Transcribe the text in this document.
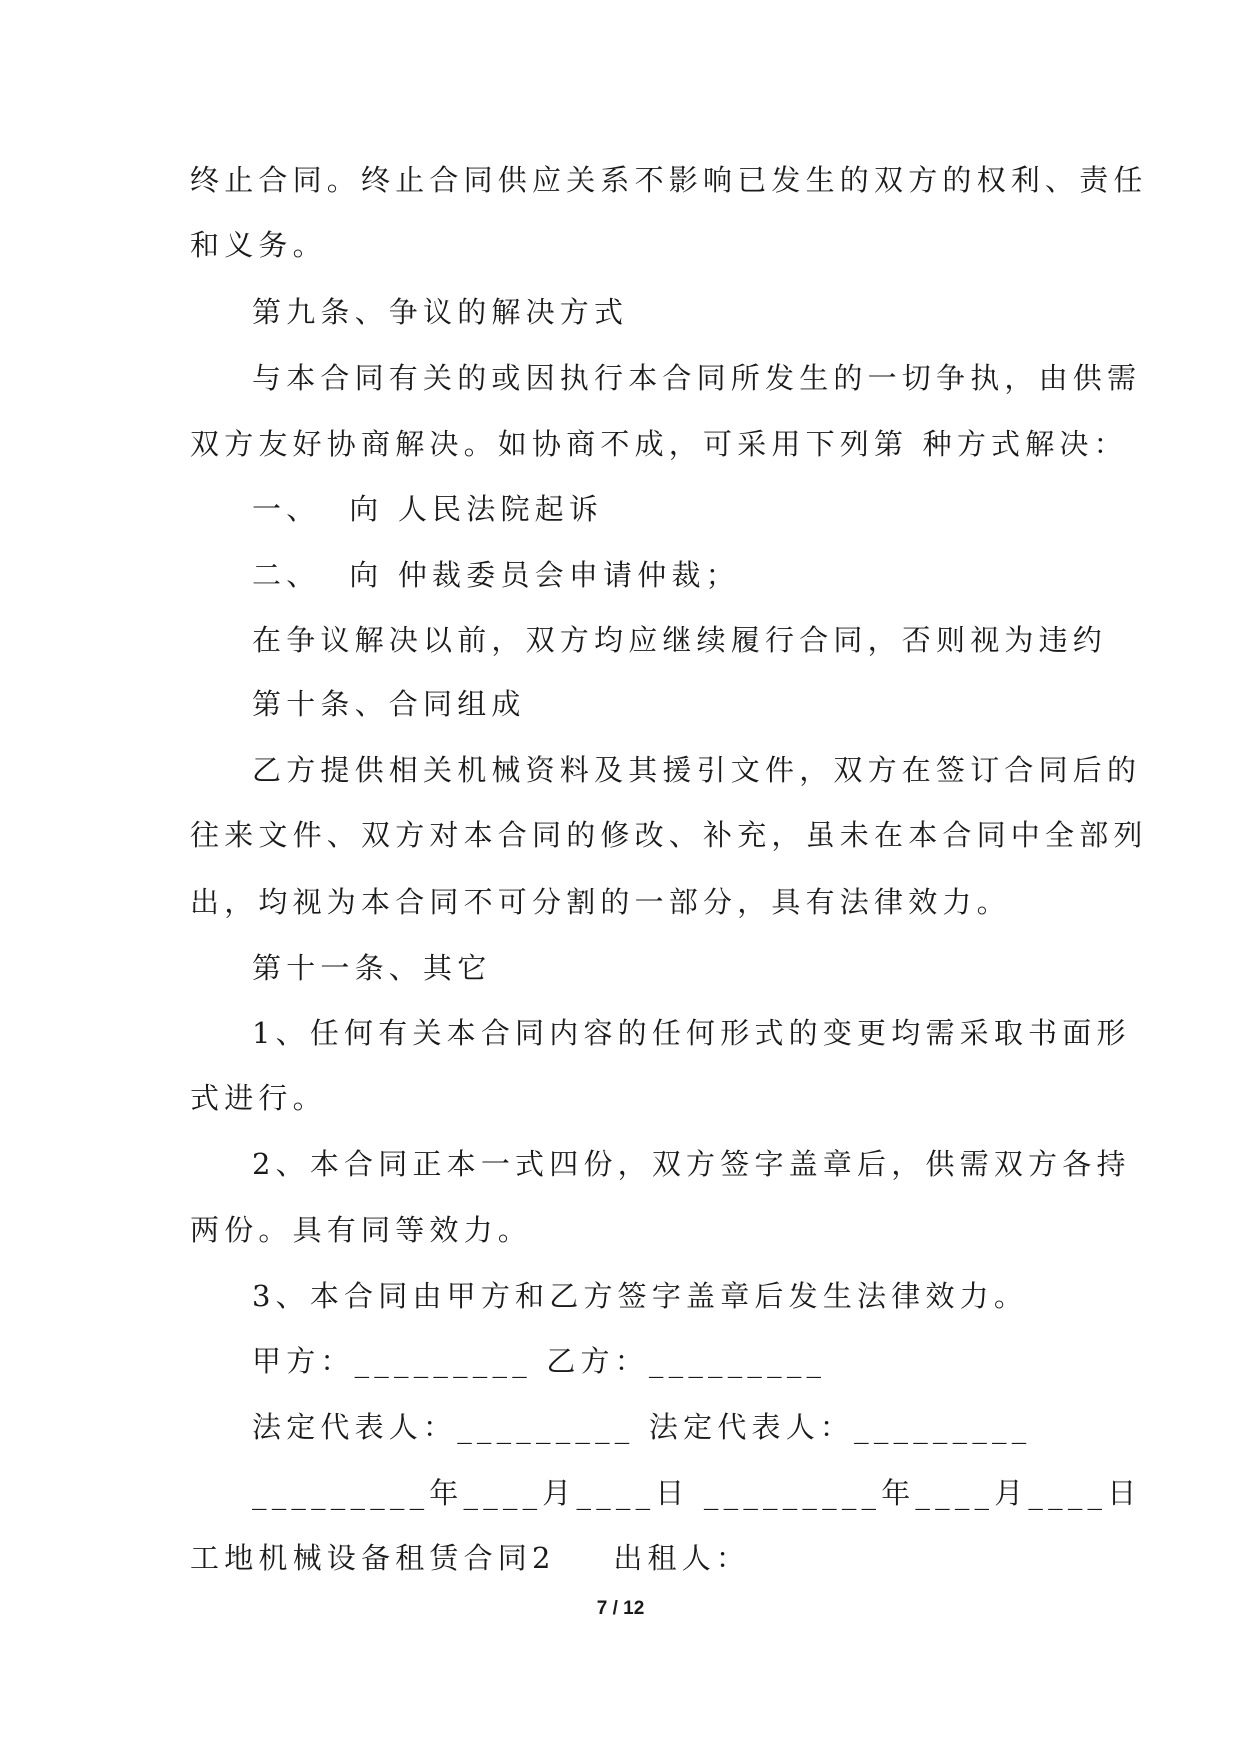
终止合同。终止合同供应关系不影响已发生的双方的权利、责任
和义务。
第九条、争议的解决方式
与本合同有关的或因执行本合同所发生的一切争执，由供需
双方友好协商解决。如协商不成，可采用下列第 种方式解决：
一、  向 人民法院起诉
二、  向 仲裁委员会申请仲裁；
在争议解决以前，双方均应继续履行合同，否则视为违约
第十条、合同组成
乙方提供相关机械资料及其援引文件，双方在签订合同后的
往来文件、双方对本合同的修改、补充，虽未在本合同中全部列
出，均视为本合同不可分割的一部分，具有法律效力。
第十一条、其它
1、任何有关本合同内容的任何形式的变更均需采取书面形
式进行。
2、本合同正本一式四份，双方签字盖章后，供需双方各持
两份。具有同等效力。
3、本合同由甲方和乙方签字盖章后发生法律效力。
甲方：_________ 乙方：_________
法定代表人：_________ 法定代表人：_________
_________年____月____日 _________年____月____日
工地机械设备租赁合同2    出租人：
7 / 12
